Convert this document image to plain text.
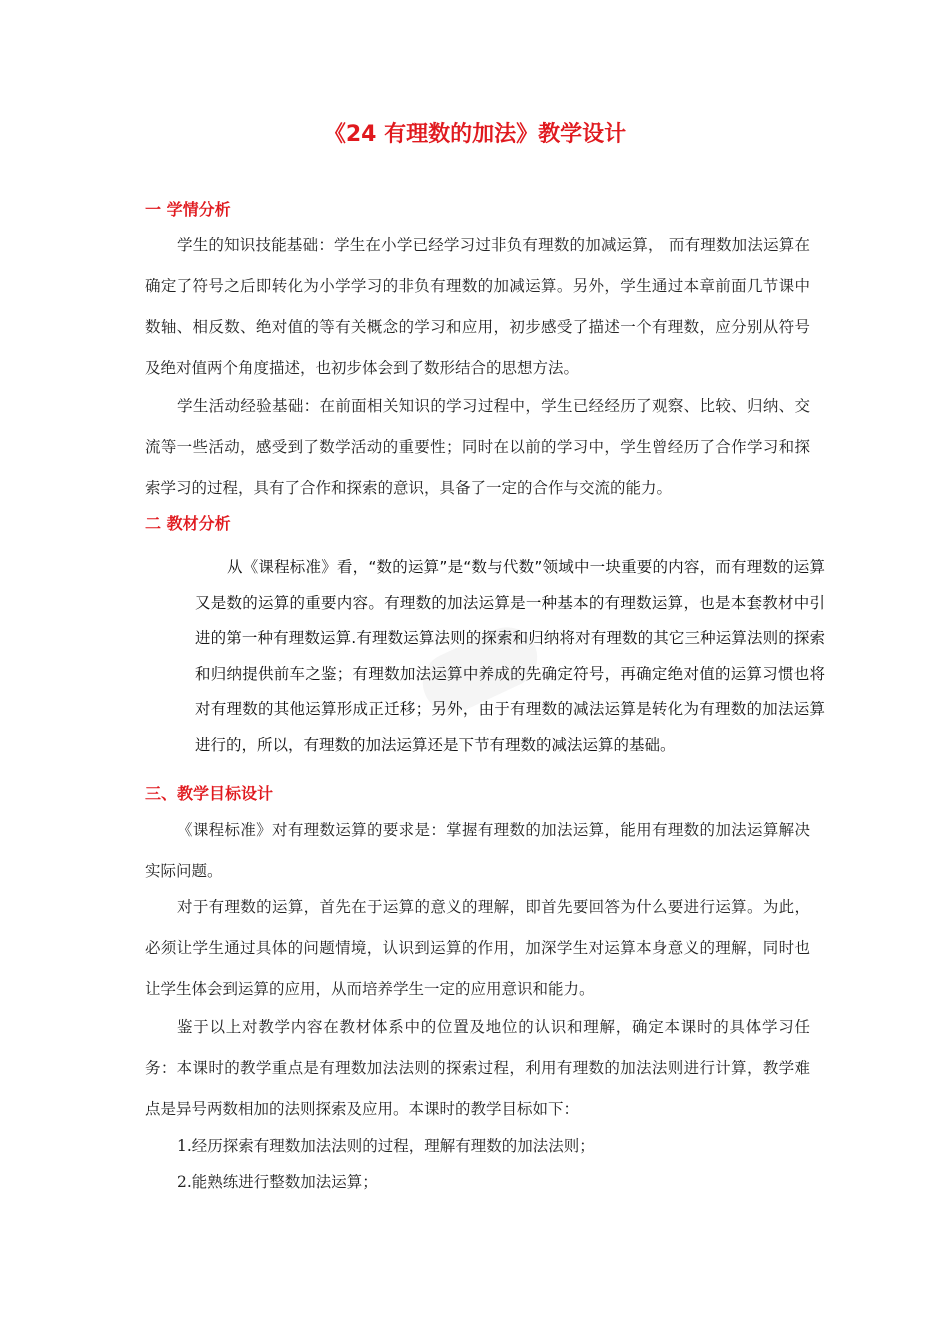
《24 有理数的加法》教学设计
一 学情分析

学生的知识技能基础：学生在小学已经学习过非负有理数的加减运算， 而有理数加法运算在确定了符号之后即转化为小学学习的非负有理数的加减运算。另外，学生通过本章前面几节课中数轴、相反数、绝对值的等有关概念的学习和应用，初步感受了描述一个有理数，应分别从符号及绝对值两个角度描述，也初步体会到了数形结合的思想方法。

学生活动经验基础：在前面相关知识的学习过程中，学生已经经历了观察、比较、归纳、交流等一些活动，感受到了数学活动的重要性；同时在以前的学习中，学生曾经历了合作学习和探索学习的过程，具有了合作和探索的意识，具备了一定的合作与交流的能力。

二 教材分析

从《课程标准》看，“数的运算”是“数与代数”领域中一块重要的内容，而有理数的运算又是数的运算的重要内容。有理数的加法运算是一种基本的有理数运算，也是本套教材中引进的第一种有理数运算.有理数运算法则的探索和归纳将对有理数的其它三种运算法则的探索和归纳提供前车之鉴；有理数加法运算中养成的先确定符号，再确定绝对值的运算习惯也将对有理数的其他运算形成正迁移；另外，由于有理数的减法运算是转化为有理数的加法运算进行的，所以，有理数的加法运算还是下节有理数的减法运算的基础。

三、教学目标设计

《课程标准》对有理数运算的要求是：掌握有理数的加法运算，能用有理数的加法运算解决实际问题。

对于有理数的运算，首先在于运算的意义的理解，即首先要回答为什么要进行运算。为此，必须让学生通过具体的问题情境，认识到运算的作用，加深学生对运算本身意义的理解，同时也让学生体会到运算的应用，从而培养学生一定的应用意识和能力。

鉴于以上对教学内容在教材体系中的位置及地位的认识和理解，确定本课时的具体学习任务：本课时的教学重点是有理数加法法则的探索过程，利用有理数的加法法则进行计算，教学难点是异号两数相加的法则探索及应用。本课时的教学目标如下：

1.经历探索有理数加法法则的过程，理解有理数的加法法则；
2.能熟练进行整数加法运算；
